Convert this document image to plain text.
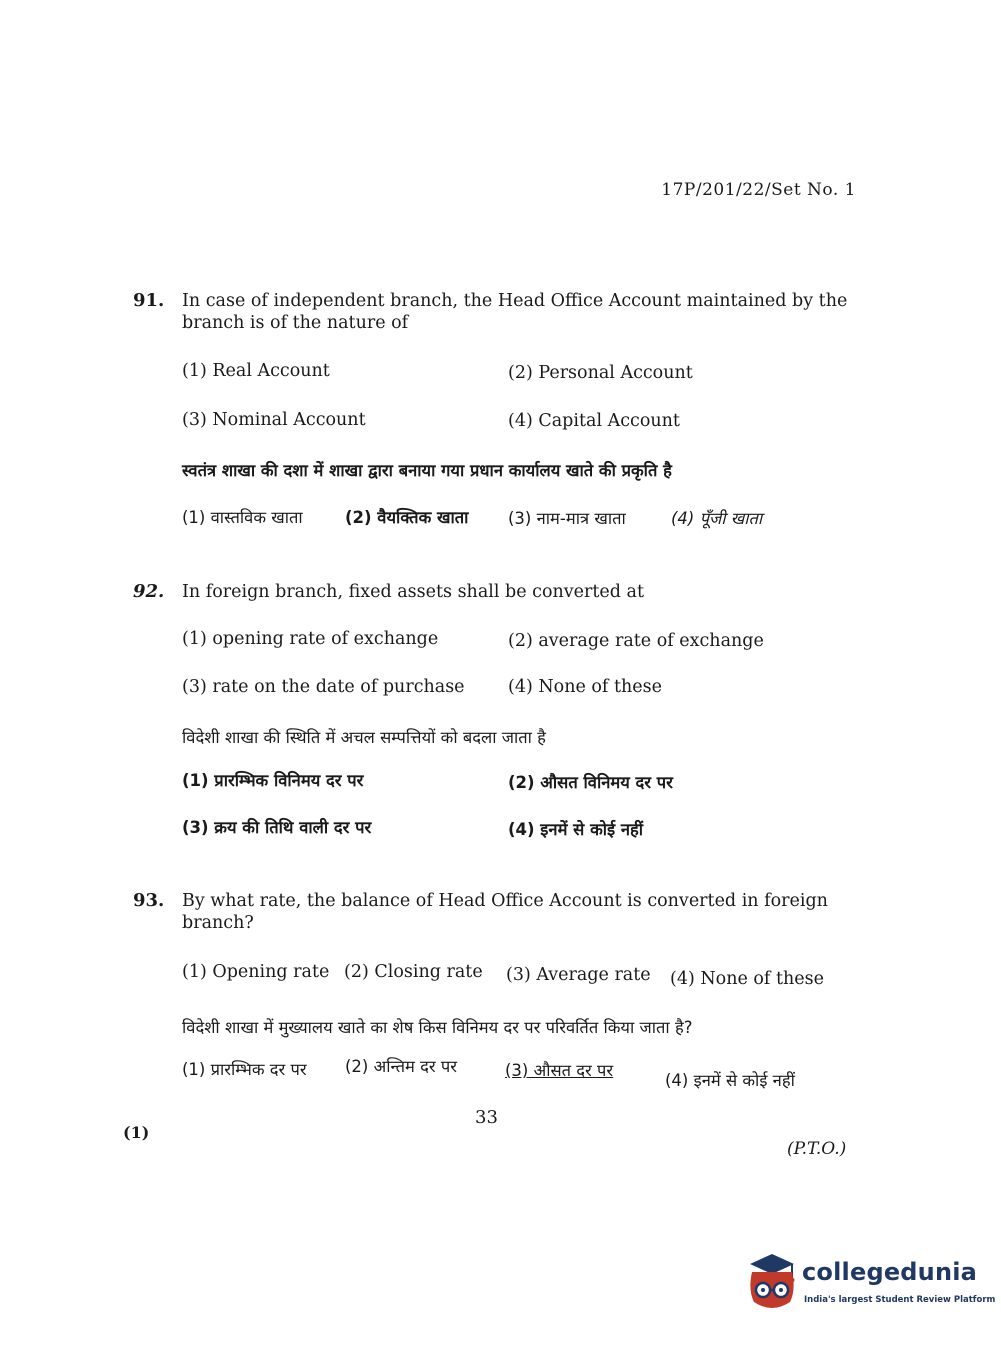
17P/201/22/Set No. 1
91. In case of independent branch, the Head Office Account maintained by the branch is of the nature of
(1) Real Account	(2) Personal Account
(3) Nominal Account	(4) Capital Account
स्वतंत्र शाखा की दशा में शाखा द्वारा बनाया गया प्रधान कार्यालय खाते की प्रकृति है
(1) वास्तविक खाता	(2) वैयक्तिक खाता (3) नाम-मात्र खाता	(4) पूँजी खाता
92. In foreign branch, fixed assets shall be converted at
(1) opening rate of exchange	(2) average rate of exchange
(3) rate on the date of purchase (4) None of these
विदेशी शाखा की स्थिति में अचल सम्पत्तियों को बदला जाता है
(1) प्रारम्भिक विनिमय दर पर	(2) औसत विनिमय दर पर
(3) क्रय की तिथि वाली दर पर	(4) इनमें से कोई नहीं
93. By what rate, the balance of Head Office Account is converted in foreign branch?
(1) Opening rate (2) Closing rate (3) Average rate (4) None of these
विदेशी शाखा में मुख्यालय खाते का शेष किस विनिमय दर पर परिवर्तित किया जाता है?
(1) प्रारम्भिक दर पर (2) अन्तिम दर पर	(3) औसत दर पर
(4) इनमें से कोई नहीं
33
(1)
(P.T.O.)
collegedunia
India's largest Student Review Platform
